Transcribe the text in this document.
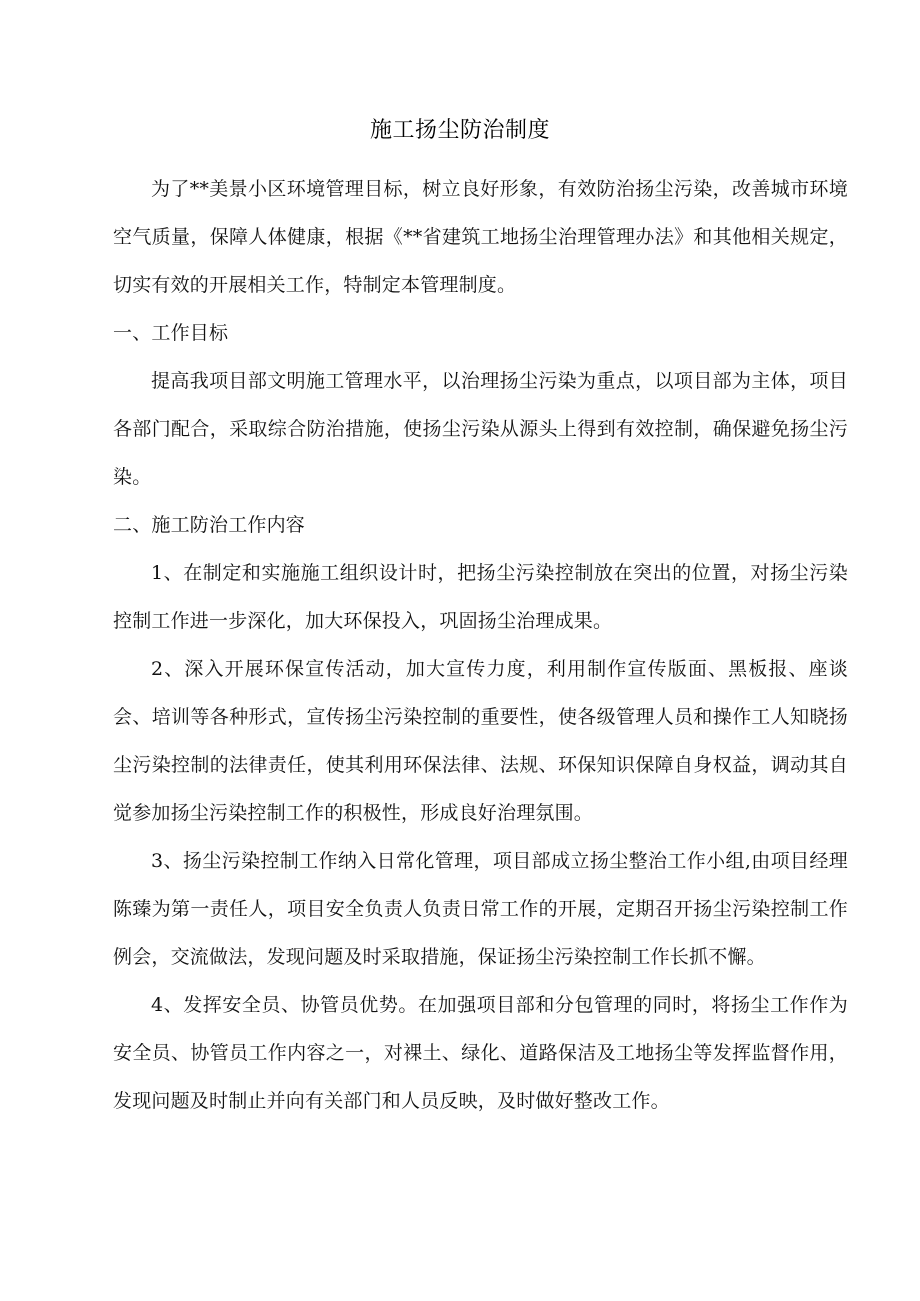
施工扬尘防治制度

为了**美景小区环境管理目标，树立良好形象，有效防治扬尘污染，改善城市环境空气质量，保障人体健康，根据《**省建筑工地扬尘治理管理办法》和其他相关规定，切实有效的开展相关工作，特制定本管理制度。

一、工作目标

提高我项目部文明施工管理水平，以治理扬尘污染为重点，以项目部为主体，项目各部门配合，采取综合防治措施，使扬尘污染从源头上得到有效控制，确保避免扬尘污染。

二、施工防治工作内容

1、在制定和实施施工组织设计时，把扬尘污染控制放在突出的位置，对扬尘污染控制工作进一步深化，加大环保投入，巩固扬尘治理成果。

2、深入开展环保宣传活动，加大宣传力度，利用制作宣传版面、黑板报、座谈会、培训等各种形式，宣传扬尘污染控制的重要性，使各级管理人员和操作工人知晓扬尘污染控制的法律责任，使其利用环保法律、法规、环保知识保障自身权益，调动其自觉参加扬尘污染控制工作的积极性，形成良好治理氛围。

3、扬尘污染控制工作纳入日常化管理，项目部成立扬尘整治工作小组,由项目经理陈臻为第一责任人，项目安全负责人负责日常工作的开展，定期召开扬尘污染控制工作例会，交流做法，发现问题及时采取措施，保证扬尘污染控制工作长抓不懈。

4、发挥安全员、协管员优势。在加强项目部和分包管理的同时，将扬尘工作作为安全员、协管员工作内容之一，对裸土、绿化、道路保洁及工地扬尘等发挥监督作用，发现问题及时制止并向有关部门和人员反映，及时做好整改工作。
